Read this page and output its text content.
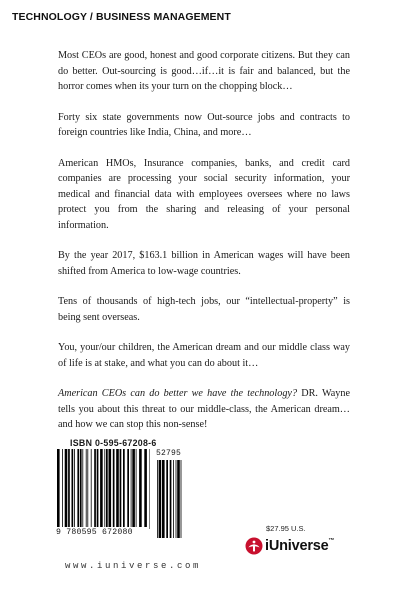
TECHNOLOGY / BUSINESS MANAGEMENT

Most CEOs are good, honest and good corporate citizens. But they can do better. Out-sourcing is good…if…it is fair and balanced, but the horror comes when its your turn on the chopping block…

Forty six state governments now Out-source jobs and contracts to foreign countries like India, China, and more…

American HMOs, Insurance companies, banks, and credit card companies are processing your social security information, your medical and financial data with employees oversees where no laws protect you from the sharing and releasing of your personal information.

By the year 2017, $163.1 billion in American wages will have been shifted from America to low-wage countries.

Tens of thousands of high-tech jobs, our “intellectual-property” is being sent overseas.

You, your/our children, the American dream and our middle class way of life is at stake, and what you can do about it…

American CEOs can do better we have the technology? DR. Wayne tells you about this threat to our middle-class, the American dream…and how we can stop this non-sense!

ISBN 0-595-67208-6
9 780595 672080
52795
www.iuniverse.com
$27.95 U.S.
iUniverse™
